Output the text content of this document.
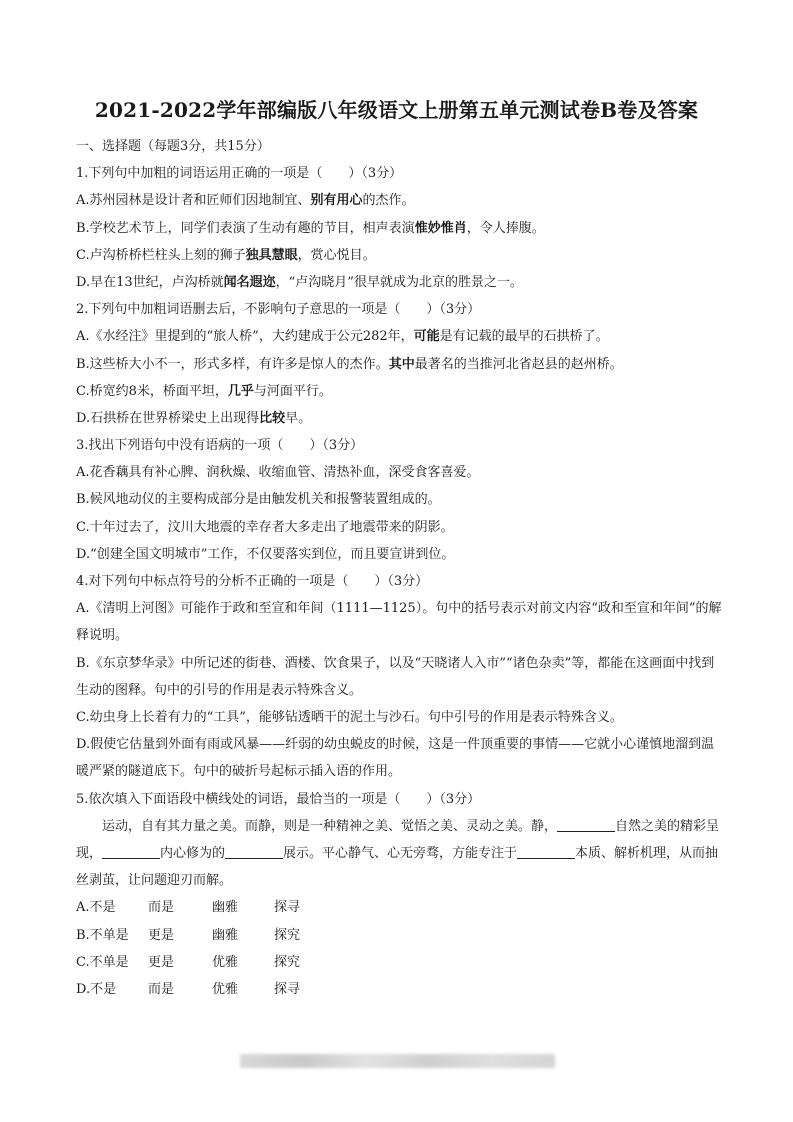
2021-2022学年部编版八年级语文上册第五单元测试卷B卷及答案
一、选择题（每题3分，共15分）
1.下列句中加粗的词语运用正确的一项是（　　）（3分）
A.苏州园林是设计者和匠师们因地制宜、别有用心的杰作。
B.学校艺术节上，同学们表演了生动有趣的节目，相声表演惟妙惟肖，令人捧腹。
C.卢沟桥桥栏柱头上刻的狮子独具慧眼，赏心悦目。
D.早在13世纪，卢沟桥就闻名遐迩，“卢沟晓月”很早就成为北京的胜景之一。
2.下列句中加粗词语删去后，不影响句子意思的一项是（　　）（3分）
A.《水经注》里提到的“旅人桥”，大约建成于公元282年，可能是有记载的最早的石拱桥了。
B.这些桥大小不一，形式多样，有许多是惊人的杰作。其中最著名的当推河北省赵县的赵州桥。
C.桥宽约8米，桥面平坦，几乎与河面平行。
D.石拱桥在世界桥梁史上出现得比较早。
3.找出下列语句中没有语病的一项（　　）（3分）
A.花香藕具有补心脾、润秋燥、收缩血管、清热补血，深受食客喜爱。
B.候风地动仪的主要构成部分是由触发机关和报警装置组成的。
C.十年过去了，汶川大地震的幸存者大多走出了地震带来的阴影。
D.“创建全国文明城市”工作，不仅要落实到位，而且要宣讲到位。
4.对下列句中标点符号的分析不正确的一项是（　　）（3分）
A.《清明上河图》可能作于政和至宣和年间（1111—1125）。句中的括号表示对前文内容“政和至宣和年间”的解释说明。
B.《东京梦华录》中所记述的街巷、酒楼、饮食果子，以及“天晓诸人入市”“诸色杂卖”等，都能在这画面中找到生动的图释。句中的引号的作用是表示特殊含义。
C.幼虫身上长着有力的“工具”，能够钻透晒干的泥土与沙石。句中引号的作用是表示特殊含义。
D.假使它估量到外面有雨或风暴——纤弱的幼虫蜕皮的时候，这是一件顶重要的事情——它就小心谨慎地溜到温暖严紧的隧道底下。句中的破折号起标示插入语的作用。
5.依次填入下面语段中横线处的词语，最恰当的一项是（　　）（3分）
运动，自有其力量之美。而静，则是一种精神之美、觉悟之美、灵动之美。静，	自然之美的精彩呈现，	内心修为的	展示。平心静气、心无旁骛，方能专注于	本质、解析机理，从而抽丝剥茧，让问题迎刃而解。
A.不是 而是	幽雅	探寻
B.不单是 更是	幽雅	探究
C.不单是 更是	优雅	探究
D.不是 而是	优雅	探寻
